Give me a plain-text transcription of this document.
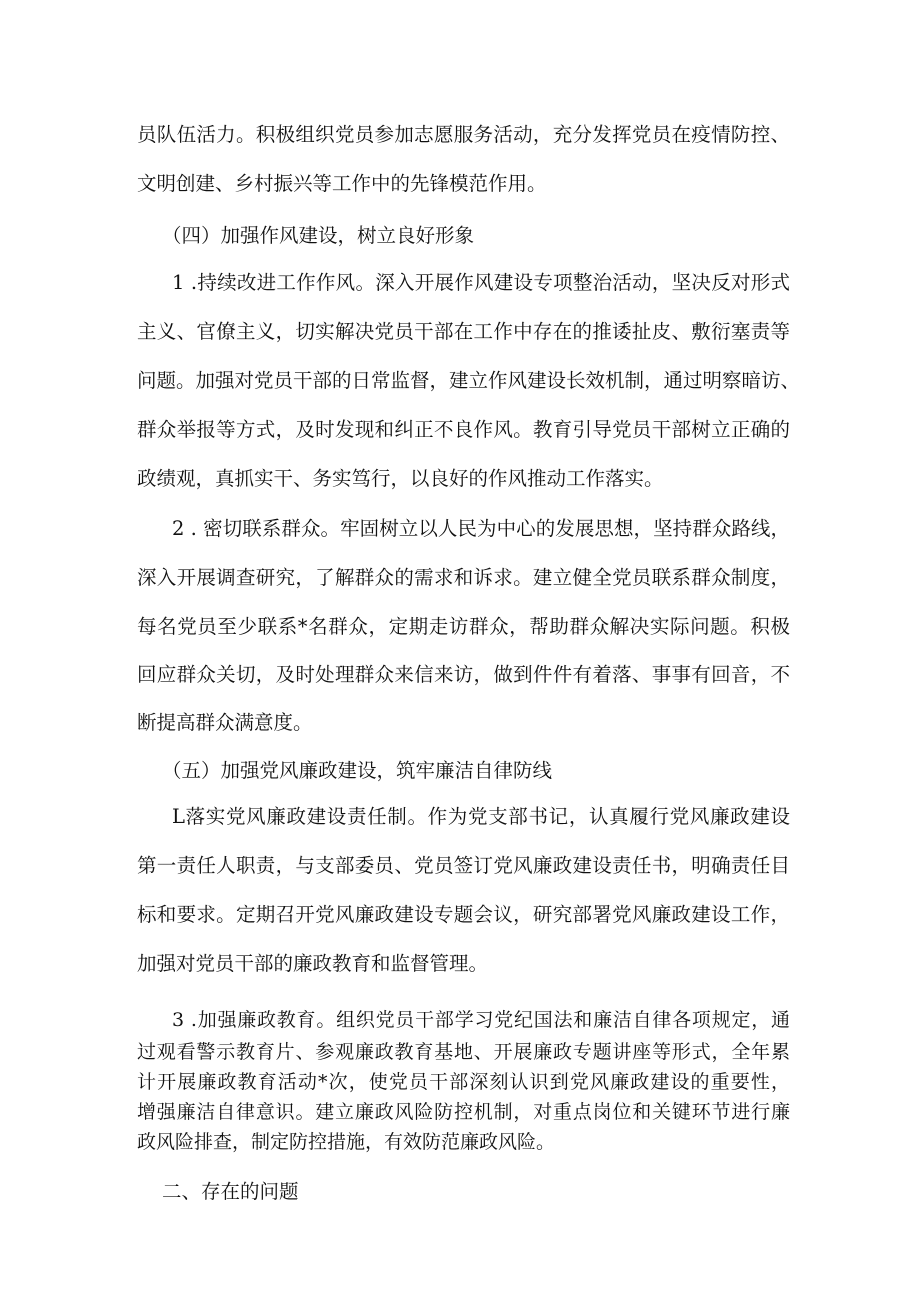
员队伍活力。积极组织党员参加志愿服务活动，充分发挥党员在疫情防控、
文明创建、乡村振兴等工作中的先锋模范作用。
（四）加强作风建设，树立良好形象
1 .持续改进工作作风。深入开展作风建设专项整治活动，坚决反对形式
主义、官僚主义，切实解决党员干部在工作中存在的推诿扯皮、敷衍塞责等
问题。加强对党员干部的日常监督，建立作风建设长效机制，通过明察暗访、
群众举报等方式，及时发现和纠正不良作风。教育引导党员干部树立正确的
政绩观，真抓实干、务实笃行，以良好的作风推动工作落实。
2 . 密切联系群众。牢固树立以人民为中心的发展思想，坚持群众路线，
深入开展调查研究，了解群众的需求和诉求。建立健全党员联系群众制度，
每名党员至少联系*名群众，定期走访群众，帮助群众解决实际问题。积极
回应群众关切，及时处理群众来信来访，做到件件有着落、事事有回音，不
断提高群众满意度。
（五）加强党风廉政建设，筑牢廉洁自律防线
L落实党风廉政建设责任制。作为党支部书记，认真履行党风廉政建设
第一责任人职责，与支部委员、党员签订党风廉政建设责任书，明确责任目
标和要求。定期召开党风廉政建设专题会议，研究部署党风廉政建设工作，
加强对党员干部的廉政教育和监督管理。
3 .加强廉政教育。组织党员干部学习党纪国法和廉洁自律各项规定，通
过观看警示教育片、参观廉政教育基地、开展廉政专题讲座等形式，全年累
计开展廉政教育活动*次，使党员干部深刻认识到党风廉政建设的重要性，
增强廉洁自律意识。建立廉政风险防控机制，对重点岗位和关键环节进行廉
政风险排查，制定防控措施，有效防范廉政风险。
二、存在的问题
